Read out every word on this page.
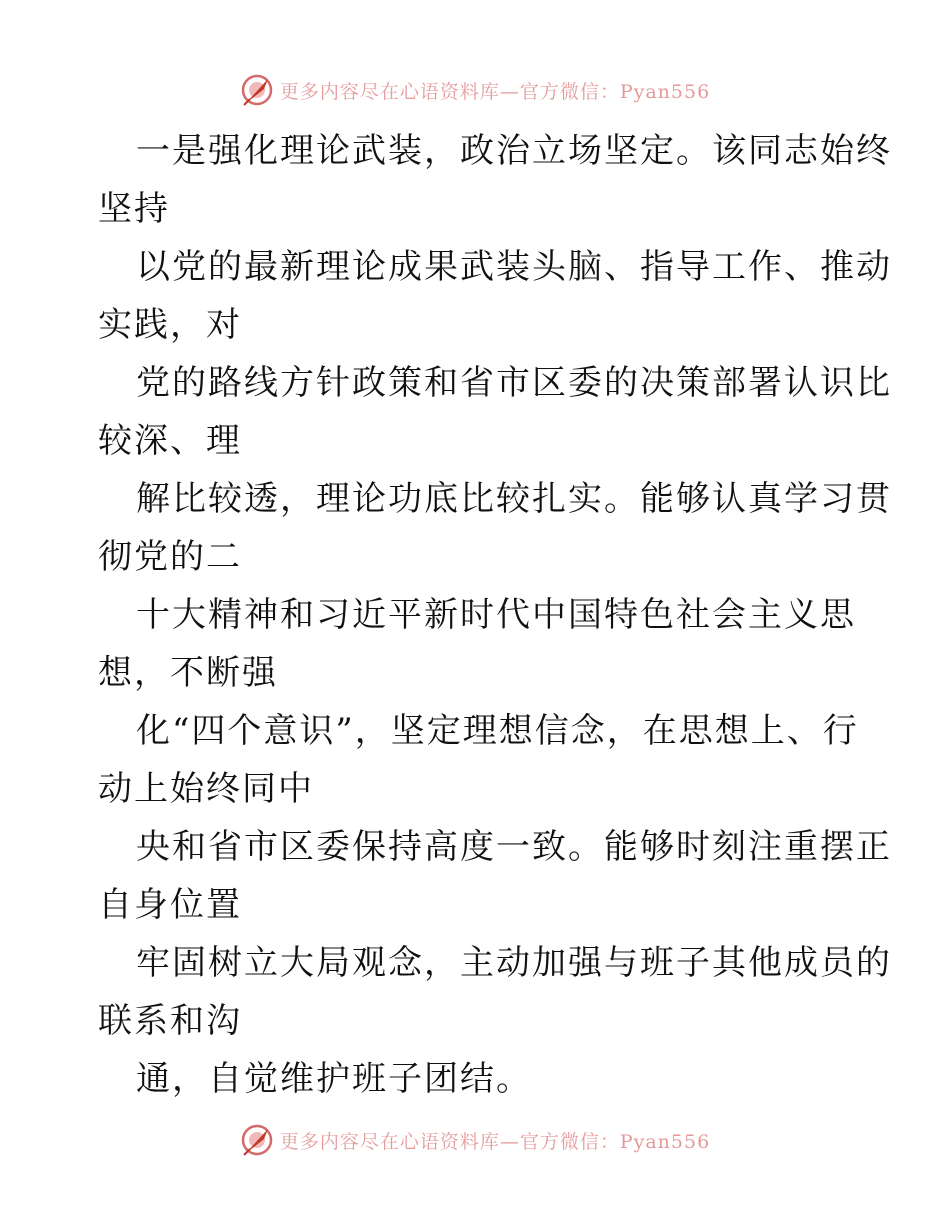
更多内容尽在心语资料库—官方微信：Pyan556
一是强化理论武装，政治立场坚定。该同志始终
坚持
以党的最新理论成果武装头脑、指导工作、推动
实践，对
党的路线方针政策和省市区委的决策部署认识比
较深、理
解比较透，理论功底比较扎实。能够认真学习贯
彻党的二
十大精神和习近平新时代中国特色社会主义思
想，不断强
化“四个意识”，坚定理想信念，在思想上、行
动上始终同中
央和省市区委保持高度一致。能够时刻注重摆正
自身位置
牢固树立大局观念，主动加强与班子其他成员的
联系和沟
通，自觉维护班子团结。
更多内容尽在心语资料库—官方微信：Pyan556
